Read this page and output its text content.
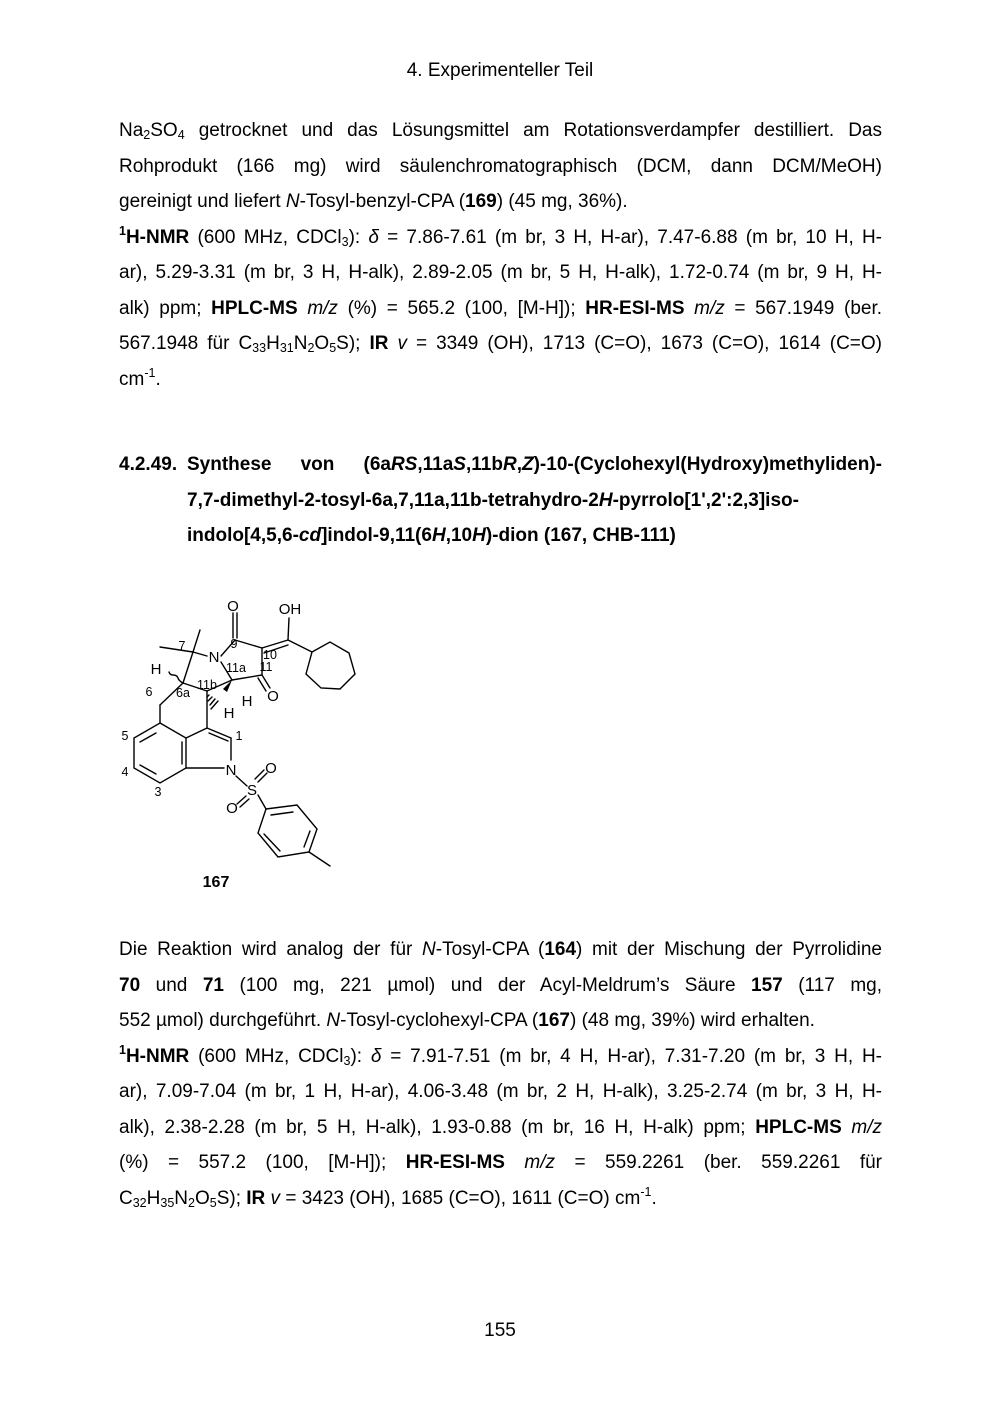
4. Experimenteller Teil
$Na_2SO_4$ getrocknet und das Lösungsmittel am Rotationsverdampfer destilliert. Das
Rohprodukt (166 mg) wird säulenchromatographisch (DCM, dann DCM/MeOH)
gereinigt und liefert N-Tosyl-benzyl-CPA (169) (45 mg, 36%).
$^1$H-NMR (600 MHz, CDCl$_3$): δ = 7.86-7.61 (m br, 3 H, H-ar), 7.47-6.88 (m br, 10 H, H-
ar), 5.29-3.31 (m br, 3 H, H-alk), 2.89-2.05 (m br, 5 H, H-alk), 1.72-0.74 (m br, 9 H, H-
alk) ppm; HPLC-MS m/z (%) = 565.2 (100, [M-H]); HR-ESI-MS m/z = 567.1949 (ber.
567.1948 für $C_{33}H_{31}N_2O_5S$); IR v = 3349 (OH), 1713 (C=O), 1673 (C=O), 1614 (C=O)
$cm^{-1}$.
4.2.49. Synthese von (6aRS,11aS,11bR,Z)-10-(Cyclohexyl(Hydroxy)methyliden)-
7,7-dimethyl-2-tosyl-6a,7,11a,11b-tetrahydro-2H-pyrrolo[1',2':2,3]iso-
indolo[4,5,6-cd]indol-9,11(6H,10H)-dion (167, CHB-111)
O	OH
N
H
H
H
O
N
S
O
O
7	9
10
11
11a
11b
6 6a
5
4
3
1
167
Die Reaktion wird analog der für N-Tosyl-CPA (164) mit der Mischung der Pyrrolidine
70 und 71 (100 mg, 221 µmol) und der Acyl-Meldrum’s Säure 157 (117 mg,
552 µmol) durchgeführt. N-Tosyl-cyclohexyl-CPA (167) (48 mg, 39%) wird erhalten.
$^1$H-NMR (600 MHz, CDCl$_3$): δ = 7.91-7.51 (m br, 4 H, H-ar), 7.31-7.20 (m br, 3 H, H-
ar), 7.09-7.04 (m br, 1 H, H-ar), 4.06-3.48 (m br, 2 H, H-alk), 3.25-2.74 (m br, 3 H, H-
alk), 2.38-2.28 (m br, 5 H, H-alk), 1.93-0.88 (m br, 16 H, H-alk) ppm; HPLC-MS m/z
(%) = 557.2 (100, [M-H]); HR-ESI-MS m/z = 559.2261 (ber. 559.2261 für
$C_{32}H_{35}N_2O_5S$); IR v = 3423 (OH), 1685 (C=O), 1611 (C=O) $cm^{-1}$.
155
